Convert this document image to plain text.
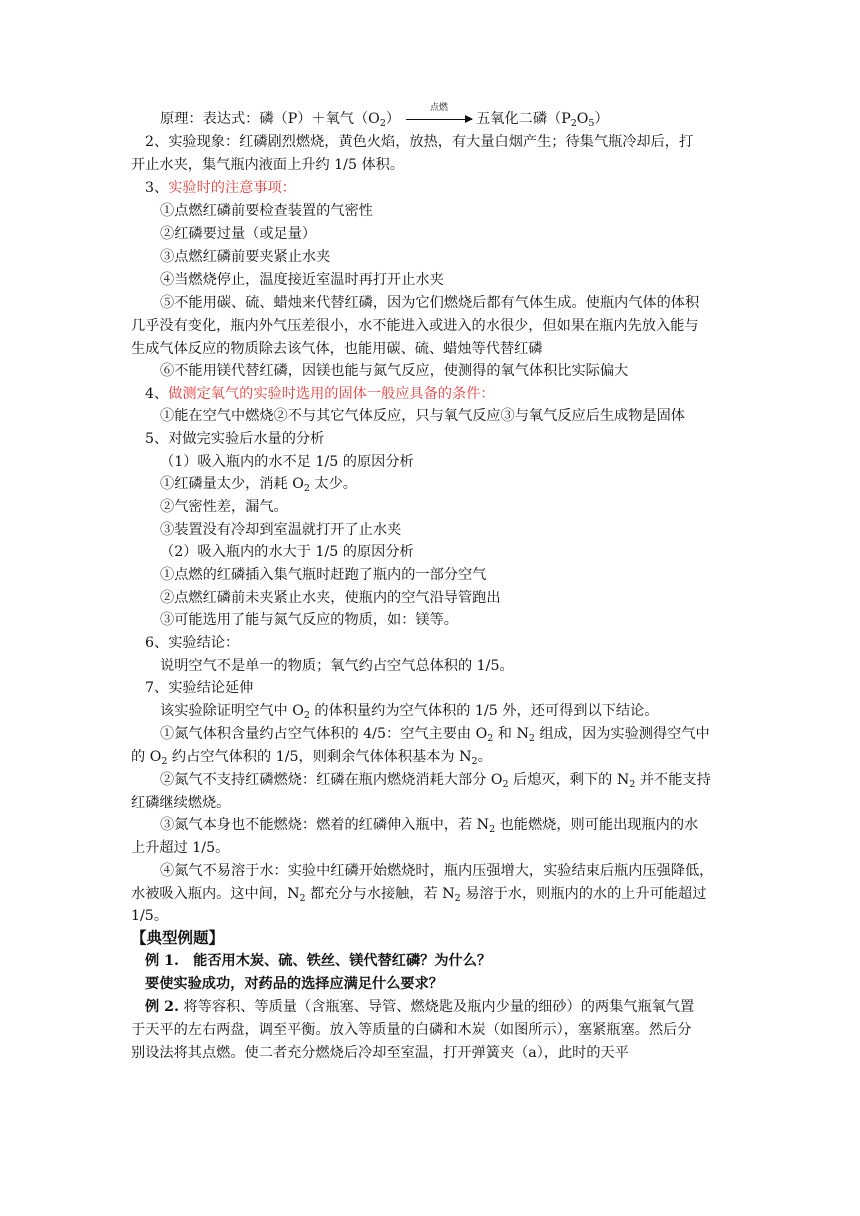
原理：表达式：磷（P）＋氧气$(O_2)$
点燃
五氧化二磷$(P_2O_5)$
2、实验现象：红磷剧烈燃烧，黄色火焰，放热，有大量白烟产生；待集气瓶冷却后，打
开止水夹，集气瓶内液面上升约 1/5 体积。
3、实验时的注意事项：
①点燃红磷前要检查装置的气密性
②红磷要过量（或足量）
③点燃红磷前要夹紧止水夹
④当燃烧停止，温度接近室温时再打开止水夹
⑤不能用碳、硫、蜡烛来代替红磷，因为它们燃烧后都有气体生成。使瓶内气体的体积
几乎没有变化，瓶内外气压差很小，水不能进入或进入的水很少，但如果在瓶内先放入能与
生成气体反应的物质除去该气体，也能用碳、硫、蜡烛等代替红磷
⑥不能用镁代替红磷，因镁也能与氮气反应，使测得的氧气体积比实际偏大
4、做测定氧气的实验时选用的固体一般应具备的条件：
①能在空气中燃烧②不与其它气体反应，只与氧气反应③与氧气反应后生成物是固体
5、对做完实验后水量的分析
（1）吸入瓶内的水不足 1/5 的原因分析
①红磷量太少，消耗 $O_2$ 太少。
②气密性差，漏气。
③装置没有冷却到室温就打开了止水夹
（2）吸入瓶内的水大于 1/5 的原因分析
①点燃的红磷插入集气瓶时赶跑了瓶内的一部分空气
②点燃红磷前未夹紧止水夹，使瓶内的空气沿导管跑出
③可能选用了能与氮气反应的物质，如：镁等。
6、实验结论：
说明空气不是单一的物质；氧气约占空气总体积的 1/5。
7、实验结论延伸
该实验除证明空气中 $O_2$ 的体积量约为空气体积的 1/5 外，还可得到以下结论。
①氮气体积含量约占空气体积的 4/5：空气主要由 $O_2$ 和 $N_2$ 组成，因为实验测得空气中
的 $O_2$ 约占空气体积的 1/5，则剩余气体体积基本为 $N_2$。
②氮气不支持红磷燃烧：红磷在瓶内燃烧消耗大部分 $O_2$ 后熄灭，剩下的 $N_2$ 并不能支持
红磷继续燃烧。
③氮气本身也不能燃烧：燃着的红磷伸入瓶中，若 $N_2$ 也能燃烧，则可能出现瓶内的水
上升超过 1/5。
④氮气不易溶于水：实验中红磷开始燃烧时，瓶内压强增大，实验结束后瓶内压强降低，
水被吸入瓶内。这中间，$N_2$ 都充分与水接触，若 $N_2$ 易溶于水，则瓶内的水的上升可能超过
1/5。
【典型例题】
例 1.　能否用木炭、硫、铁丝、镁代替红磷？为什么？
要使实验成功，对药品的选择应满足什么要求？
例 2. 将等容积、等质量（含瓶塞、导管、燃烧匙及瓶内少量的细砂）的两集气瓶氧气置
于天平的左右两盘，调至平衡。放入等质量的白磷和木炭（如图所示），塞紧瓶塞。然后分
别设法将其点燃。使二者充分燃烧后冷却至室温，打开弹簧夹（a），此时的天平
